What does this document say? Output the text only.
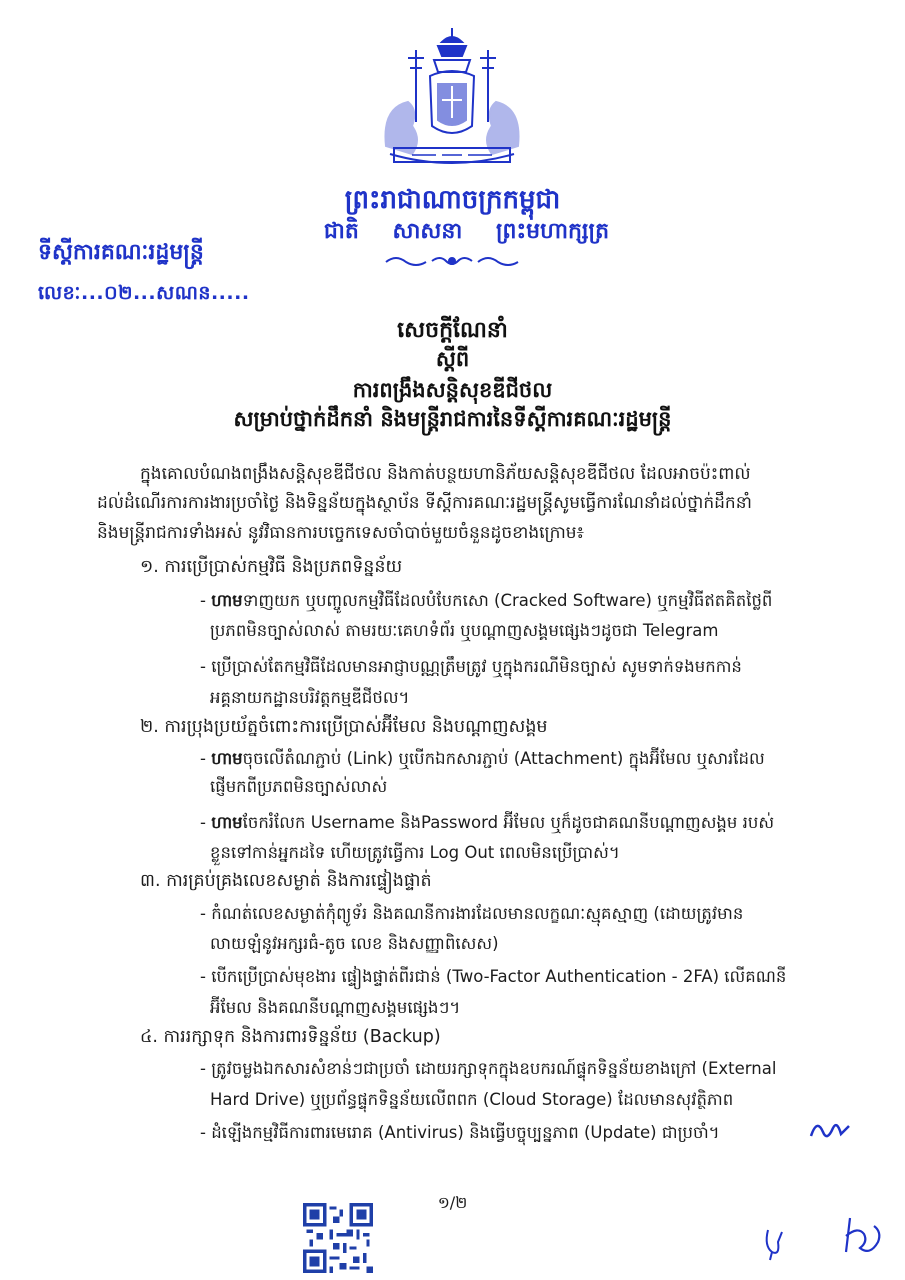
ព្រះរាជាណាចក្រកម្ពុជា
ជាតិ សាសនា ព្រះមហាក្សត្រ
ទីស្តីការគណៈរដ្ឋមន្ត្រី
លេខៈ...០២...សណន.....
សេចក្តីណែនាំ
ស្តីពី
ការពង្រឹងសន្តិសុខឌីជីថល
សម្រាប់ថ្នាក់ដឹកនាំ និងមន្ត្រីរាជការនៃទីស្តីការគណៈរដ្ឋមន្ត្រី
ក្នុងគោលបំណងពង្រឹងសន្តិសុខឌីជីថល និងកាត់បន្ថយហានិភ័យសន្តិសុខឌីជីថល ដែលអាចប៉ះពាល់
ដល់ដំណើរការការងារប្រចាំថ្ងៃ និងទិន្នន័យក្នុងស្ថាប័ន ទីស្តីការគណៈរដ្ឋមន្ត្រីសូមធ្វើការណែនាំដល់ថ្នាក់ដឹកនាំ
និងមន្ត្រីរាជការទាំងអស់ នូវវិធានការបច្ចេកទេសចាំបាច់មួយចំនួនដូចខាងក្រោម៖
១. ការប្រើប្រាស់កម្មវិធី និងប្រភពទិន្នន័យ
- ហាមទាញយក ឬបញ្ចូលកម្មវិធីដែលបំបែកសោ (Cracked Software) ឬកម្មវិធីឥតគិតថ្លៃពី
ប្រភពមិនច្បាស់លាស់ តាមរយៈគេហទំព័រ ឬបណ្តាញសង្គមផ្សេងៗដូចជា Telegram
- ប្រើប្រាស់តែកម្មវិធីដែលមានអាជ្ញាបណ្ណត្រឹមត្រូវ ឬក្នុងករណីមិនច្បាស់ សូមទាក់ទងមកកាន់
អគ្គនាយកដ្ឋានបរិវត្តកម្មឌីជីថល។
២. ការប្រុងប្រយ័ត្នចំពោះការប្រើប្រាស់អ៊ីមែល និងបណ្តាញសង្គម
- ហាមចុចលើតំណភ្ជាប់ (Link) ឬបើកឯកសារភ្ជាប់ (Attachment) ក្នុងអ៊ីមែល ឬសារដែល
ផ្ញើមកពីប្រភពមិនច្បាស់លាស់
- ហាមចែករំលែក Username និងPassword អ៊ីមែល ឬក៏ដូចជាគណនីបណ្តាញសង្គម របស់
ខ្លួនទៅកាន់អ្នកដទៃ ហើយត្រូវធ្វើការ Log Out ពេលមិនប្រើប្រាស់។
៣. ការគ្រប់គ្រងលេខសម្ងាត់ និងការផ្ទៀងផ្ទាត់
- កំណត់លេខសម្ងាត់កុំព្យូទ័រ និងគណនីការងារដែលមានលក្ខណៈស្មុគស្មាញ (ដោយត្រូវមាន
លាយឡំនូវអក្សរធំ-តូច លេខ និងសញ្ញាពិសេស)
- បើកប្រើប្រាស់មុខងារ ផ្ទៀងផ្ទាត់ពីរជាន់ (Two-Factor Authentication - 2FA) លើគណនី
អ៊ីមែល និងគណនីបណ្តាញសង្គមផ្សេងៗ។
៤. ការរក្សាទុក និងការពារទិន្នន័យ (Backup)
- ត្រូវចម្លងឯកសារសំខាន់ៗជាប្រចាំ ដោយរក្សាទុកក្នុងឧបករណ៍ផ្ទុកទិន្នន័យខាងក្រៅ (External
Hard Drive) ឬប្រព័ន្ធផ្ទុកទិន្នន័យលើពពក (Cloud Storage) ដែលមានសុវត្ថិភាព
- ដំឡើងកម្មវិធីការពារមេរោគ (Antivirus) និងធ្វើបច្ចុប្បន្នភាព (Update) ជាប្រចាំ។
១/២
